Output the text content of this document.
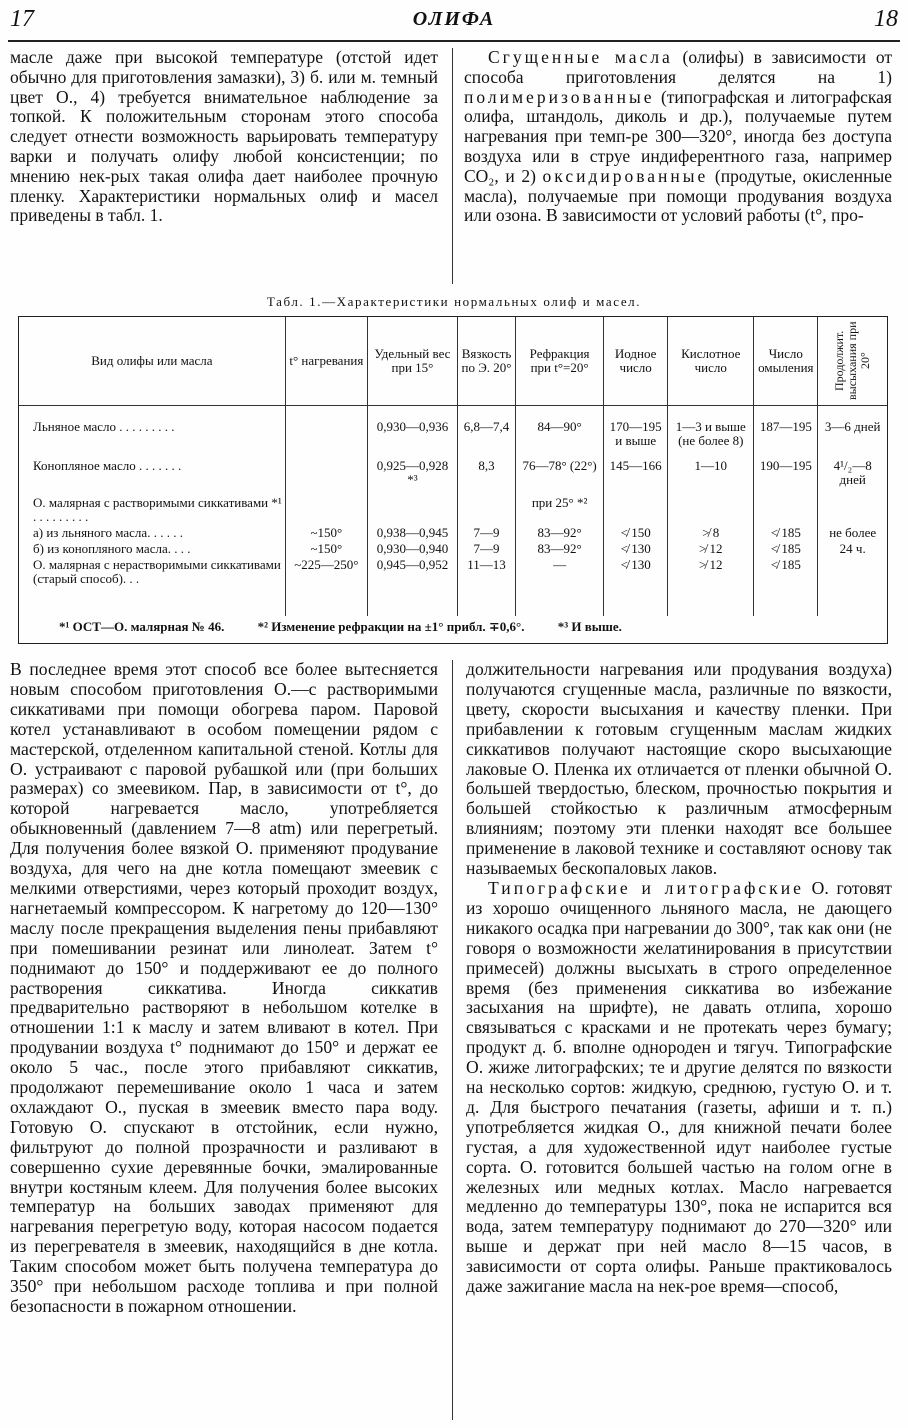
17	ОЛИФА	18

масле даже при высокой температуре (отстой идет обычно для приготовления замазки), 3) б. или м. темный цвет О., 4) требуется внимательное наблюдение за топкой. К положительным сторонам этого способа следует отнести возможность варьировать температуру варки и получать олифу любой консистенции; по мнению нек-рых такая олифа дает наиболее прочную пленку. Характеристики нормальных олиф и масел приведены в табл. 1.

Сгущенные масла (олифы) в зависимости от способа приготовления делятся на 1) полимеризованные (типографская и литографская олифа, штандоль, диколь и др.), получаемые путем нагревания при темп-ре 300—320°, иногда без доступа воздуха или в струе индиферентного газа, например CO₂, и 2) оксидированные (продутые, окисленные масла), получаемые при помощи продувания воздуха или озона. В зависимости от условий работы (t°, про-

Табл. 1.—Характеристики нормальных олиф и масел.
Вид олифы или масла	t° нагревания	Удельный вес при 15°	Вязкость по Э. 20°	Рефракция при t°=20°	Иодное число	Кислотное число	Число омыления	Продолжит. высыхания при 20°

Льняное масло . . . . . . . . .		0,930—0,936	6,8—7,4	84—90°	170—195 и выше	1—3 и выше (не более 8)	187—195	3—6 дней
Конопляное масло . . . . . . .		0,925—0,928 *³	8,3	76—78° (22°)	145—166	1—10	190—195	4¹/₂—8 дней
О. малярная с растворимыми сиккативами *¹ . . . . . . . . .				при 25° *²				
а) из льняного масла. . . . . .	~150°	0,938—0,945	7—9	83—92°	≮ 150	≯ 8	≮ 185	не более
б) из конопляного масла. . . .	~150°	0,930—0,940	7—9	83—92°	≮ 130	≯ 12	≮ 185	24 ч.
О. малярная с нерастворимыми сиккативами (старый способ). . .	~225—250°	0,945—0,952	11—13	—	≮ 130	≯ 12	≮ 185	
*¹ ОСТ—О. малярная № 46.	*² Изменение рефракции на ±1° прибл. ∓0,6°.	*³ И выше.

В последнее время этот способ все более вытесняется новым способом приготовления О.—с растворимыми сиккативами при помощи обогрева паром. Паровой котел устанавливают в особом помещении рядом с мастерской, отделенном капитальной стеной. Котлы для О. устраивают с паровой рубашкой или (при больших размерах) со змеевиком. Пар, в зависимости от t°, до которой нагревается масло, употребляется обыкновенный (давлением 7—8 atm) или перегретый. Для получения более вязкой О. применяют продувание воздуха, для чего на дне котла помещают змеевик с мелкими отверстиями, через который проходит воздух, нагнетаемый компрессором. К нагретому до 120—130° маслу после прекращения выделения пены прибавляют при помешивании резинат или линолеат. Затем t° поднимают до 150° и поддерживают ее до полного растворения сиккатива. Иногда сиккатив предварительно растворяют в небольшом котелке в отношении 1:1 к маслу и затем вливают в котел. При продувании воздуха t° поднимают до 150° и держат ее около 5 час., после этого прибавляют сиккатив, продолжают перемешивание около 1 часа и затем охлаждают О., пуская в змеевик вместо пара воду. Готовую О. спускают в отстойник, если нужно, фильтруют до полной прозрачности и разливают в совершенно сухие деревянные бочки, эмалированные внутри костяным клеем. Для получения более высоких температур на больших заводах применяют для нагревания перегретую воду, которая насосом подается из перегревателя в змеевик, находящийся в дне котла. Таким способом может быть получена температура до 350° при небольшом расходе топлива и при полной безопасности в пожарном отношении.

должительности нагревания или продувания воздуха) получаются сгущенные масла, различные по вязкости, цвету, скорости высыхания и качеству пленки. При прибавлении к готовым сгущенным маслам жидких сиккативов получают настоящие скоро высыхающие лаковые О. Пленка их отличается от пленки обычной О. большей твердостью, блеском, прочностью покрытия и большей стойкостью к различным атмосферным влияниям; поэтому эти пленки находят все большее применение в лаковой технике и составляют основу так называемых бескопаловых лаков.

Типографские и литографские О. готовят из хорошо очищенного льняного масла, не дающего никакого осадка при нагревании до 300°, так как они (не говоря о возможности желатинирования в присутствии примесей) должны высыхать в строго определенное время (без применения сиккатива во избежание засыхания на шрифте), не давать отлипа, хорошо связываться с красками и не протекать через бумагу; продукт д. б. вполне однороден и тягуч. Типографские О. жиже литографских; те и другие делятся по вязкости на несколько сортов: жидкую, среднюю, густую О. и т. д. Для быстрого печатания (газеты, афиши и т. п.) употребляется жидкая О., для книжной печати более густая, а для художественной идут наиболее густые сорта. О. готовится большей частью на голом огне в железных или медных котлах. Масло нагревается медленно до температуры 130°, пока не испарится вся вода, затем температуру поднимают до 270—320° или выше и держат при ней масло 8—15 часов, в зависимости от сорта олифы. Раньше практиковалось даже зажигание масла на нек-рое время—способ,
